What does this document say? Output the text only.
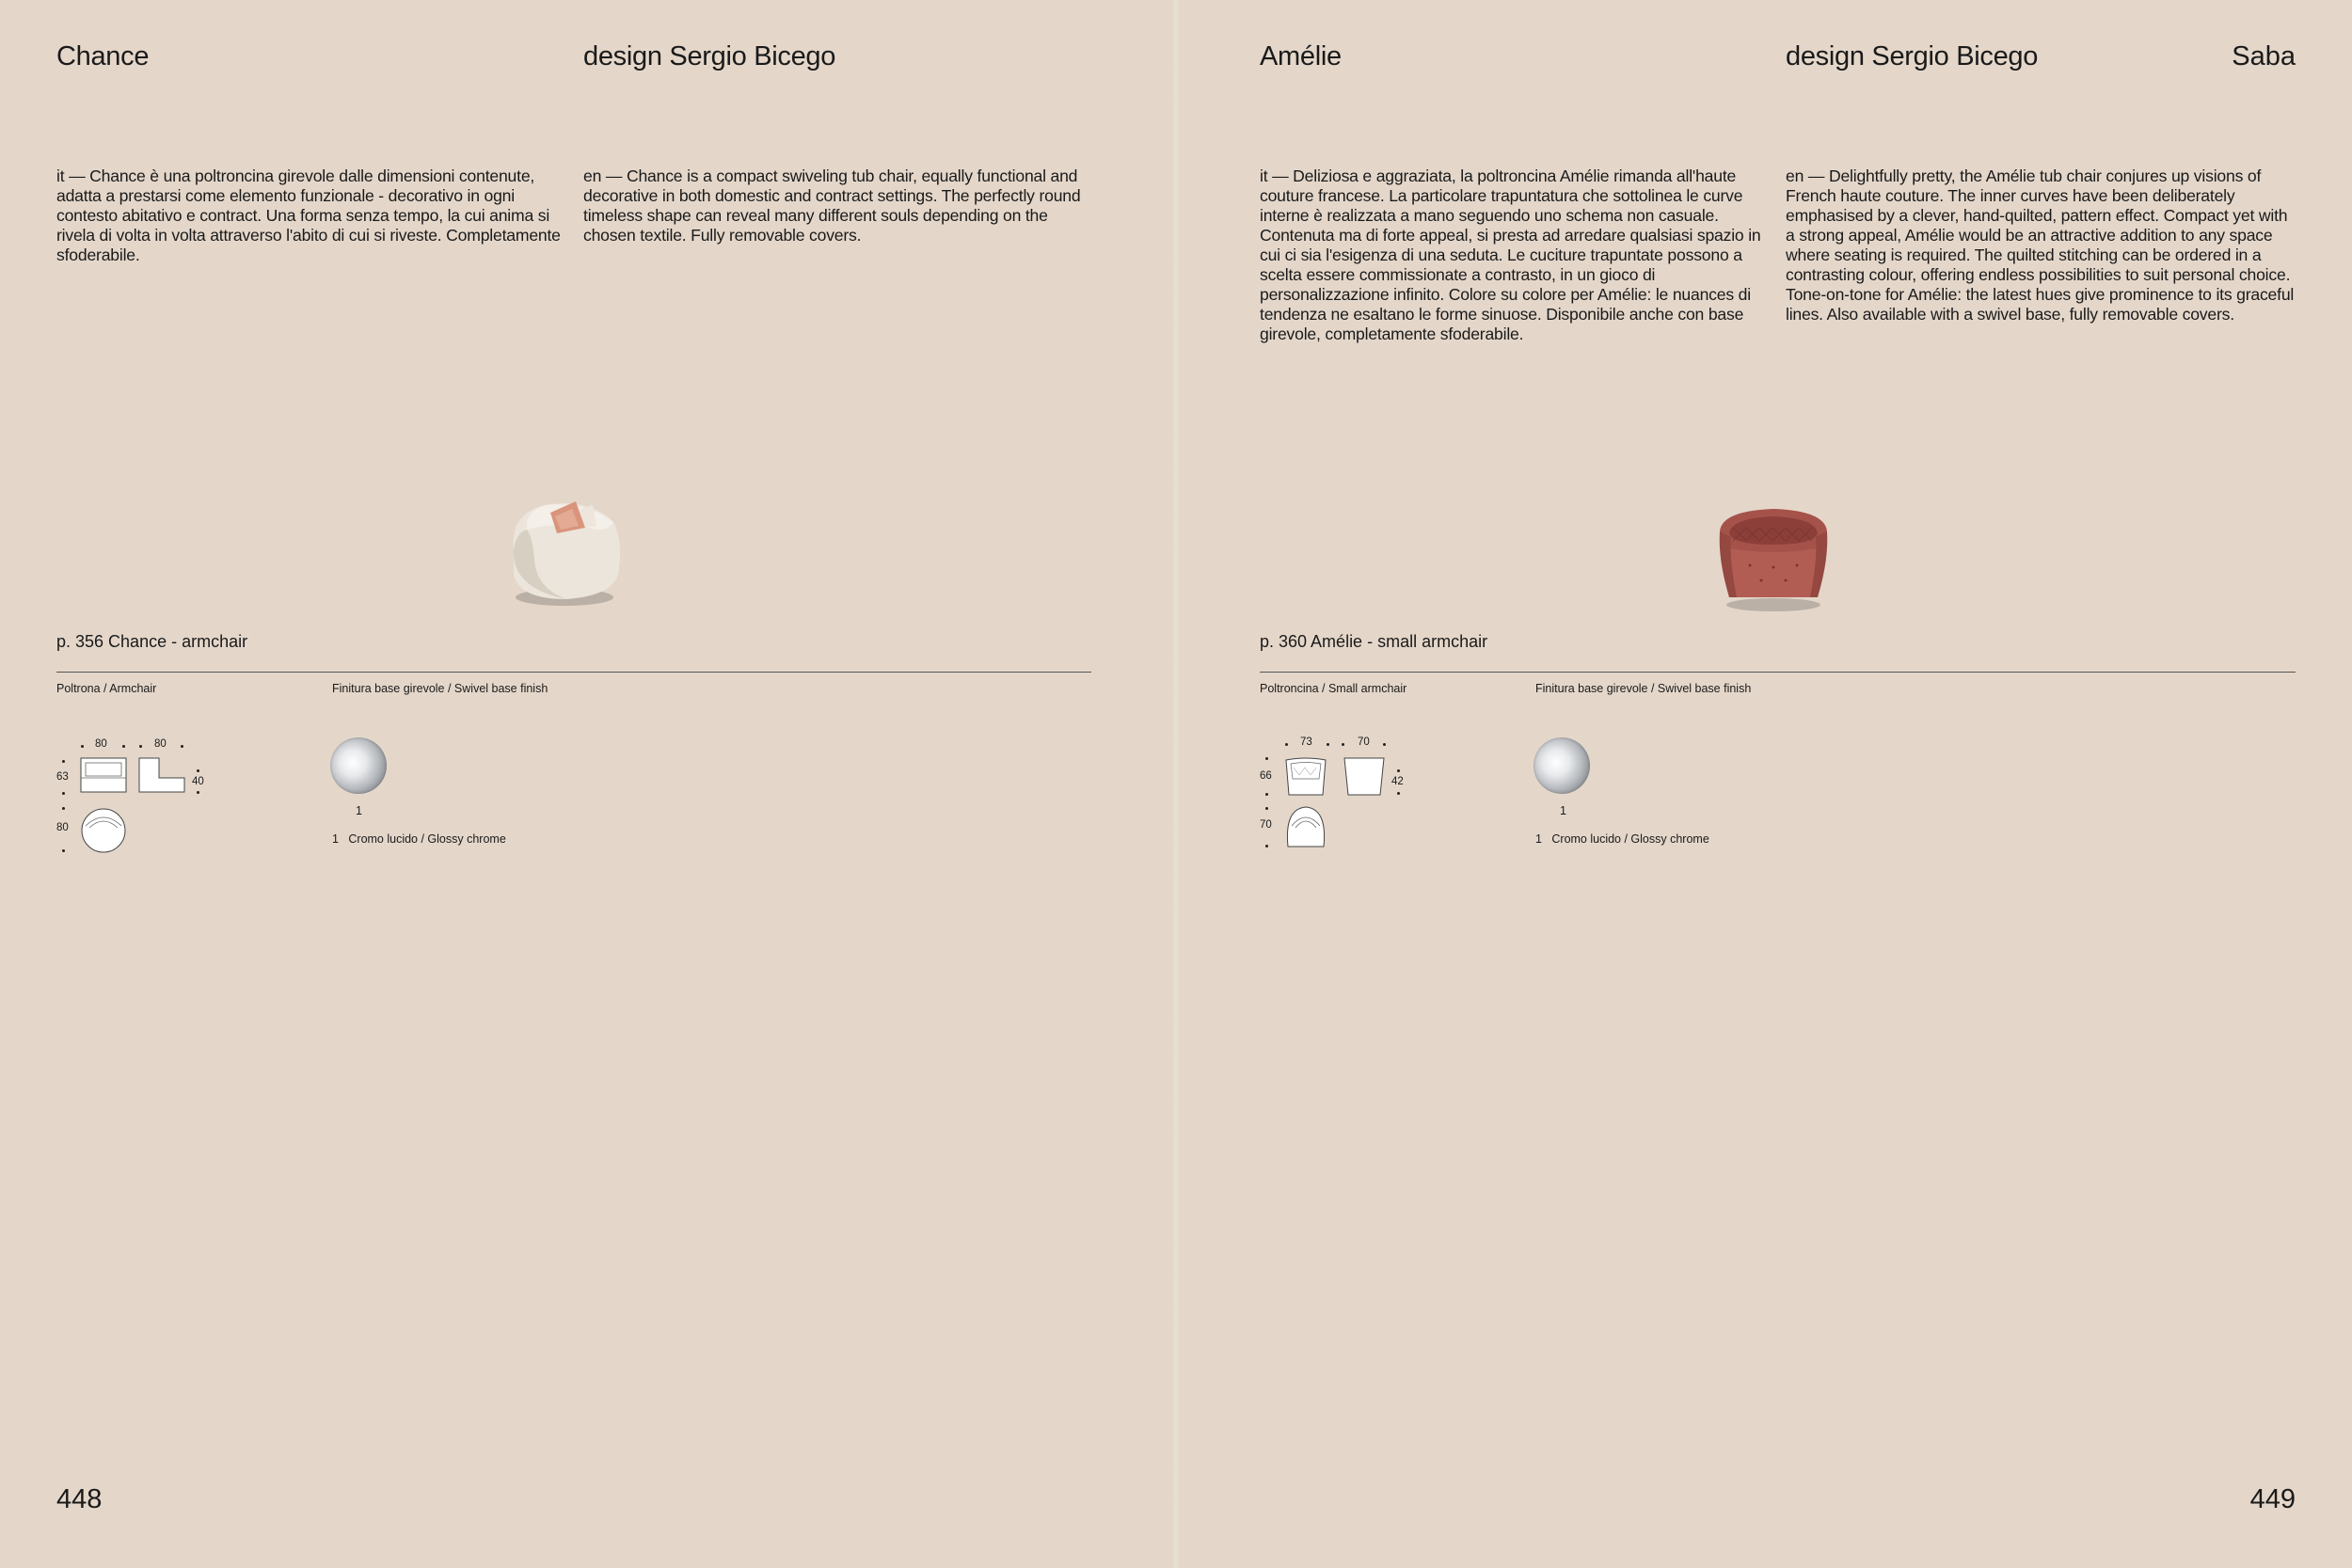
Chance	design Sergio Bicego
it — Chance è una poltroncina girevole dalle dimensioni contenute, adatta a prestarsi come elemento funzionale - decorativo in ogni contesto abitativo e contract. Una forma senza tempo, la cui anima si rivela di volta in volta attraverso l'abito di cui si riveste. Completamente sfoderabile.
en — Chance is a compact swiveling tub chair, equally functional and decorative in both domestic and contract settings. The perfectly round timeless shape can reveal many different souls depending on the chosen textile. Fully removable covers.
p. 356 Chance - armchair
Poltrona / Armchair	Finitura base girevole / Swivel base finish
80	80
63	40
80
1
1 Cromo lucido / Glossy chrome
448
Amélie	design Sergio Bicego	Saba
it — Deliziosa e aggraziata, la poltroncina Amélie rimanda all'haute couture francese. La particolare trapuntatura che sottolinea le curve interne è realizzata a mano seguendo uno schema non casuale. Contenuta ma di forte appeal, si presta ad arredare qualsiasi spazio in cui ci sia l'esigenza di una seduta. Le cuciture trapuntate possono a scelta essere commissionate a contrasto, in un gioco di personalizzazione infinito. Colore su colore per Amélie: le nuances di tendenza ne esaltano le forme sinuose. Disponibile anche con base girevole, completamente sfoderabile.
en — Delightfully pretty, the Amélie tub chair conjures up visions of French haute couture. The inner curves have been deliberately emphasised by a clever, hand-quilted, pattern effect. Compact yet with a strong appeal, Amélie would be an attractive addition to any space where seating is required. The quilted stitching can be ordered in a contrasting colour, offering endless possibilities to suit personal choice. Tone-on-tone for Amélie: the latest hues give prominence to its graceful lines. Also available with a swivel base, fully removable covers.
p. 360 Amélie - small armchair
Poltroncina / Small armchair	Finitura base girevole / Swivel base finish
73	70
66	42
70
1
1 Cromo lucido / Glossy chrome
449
